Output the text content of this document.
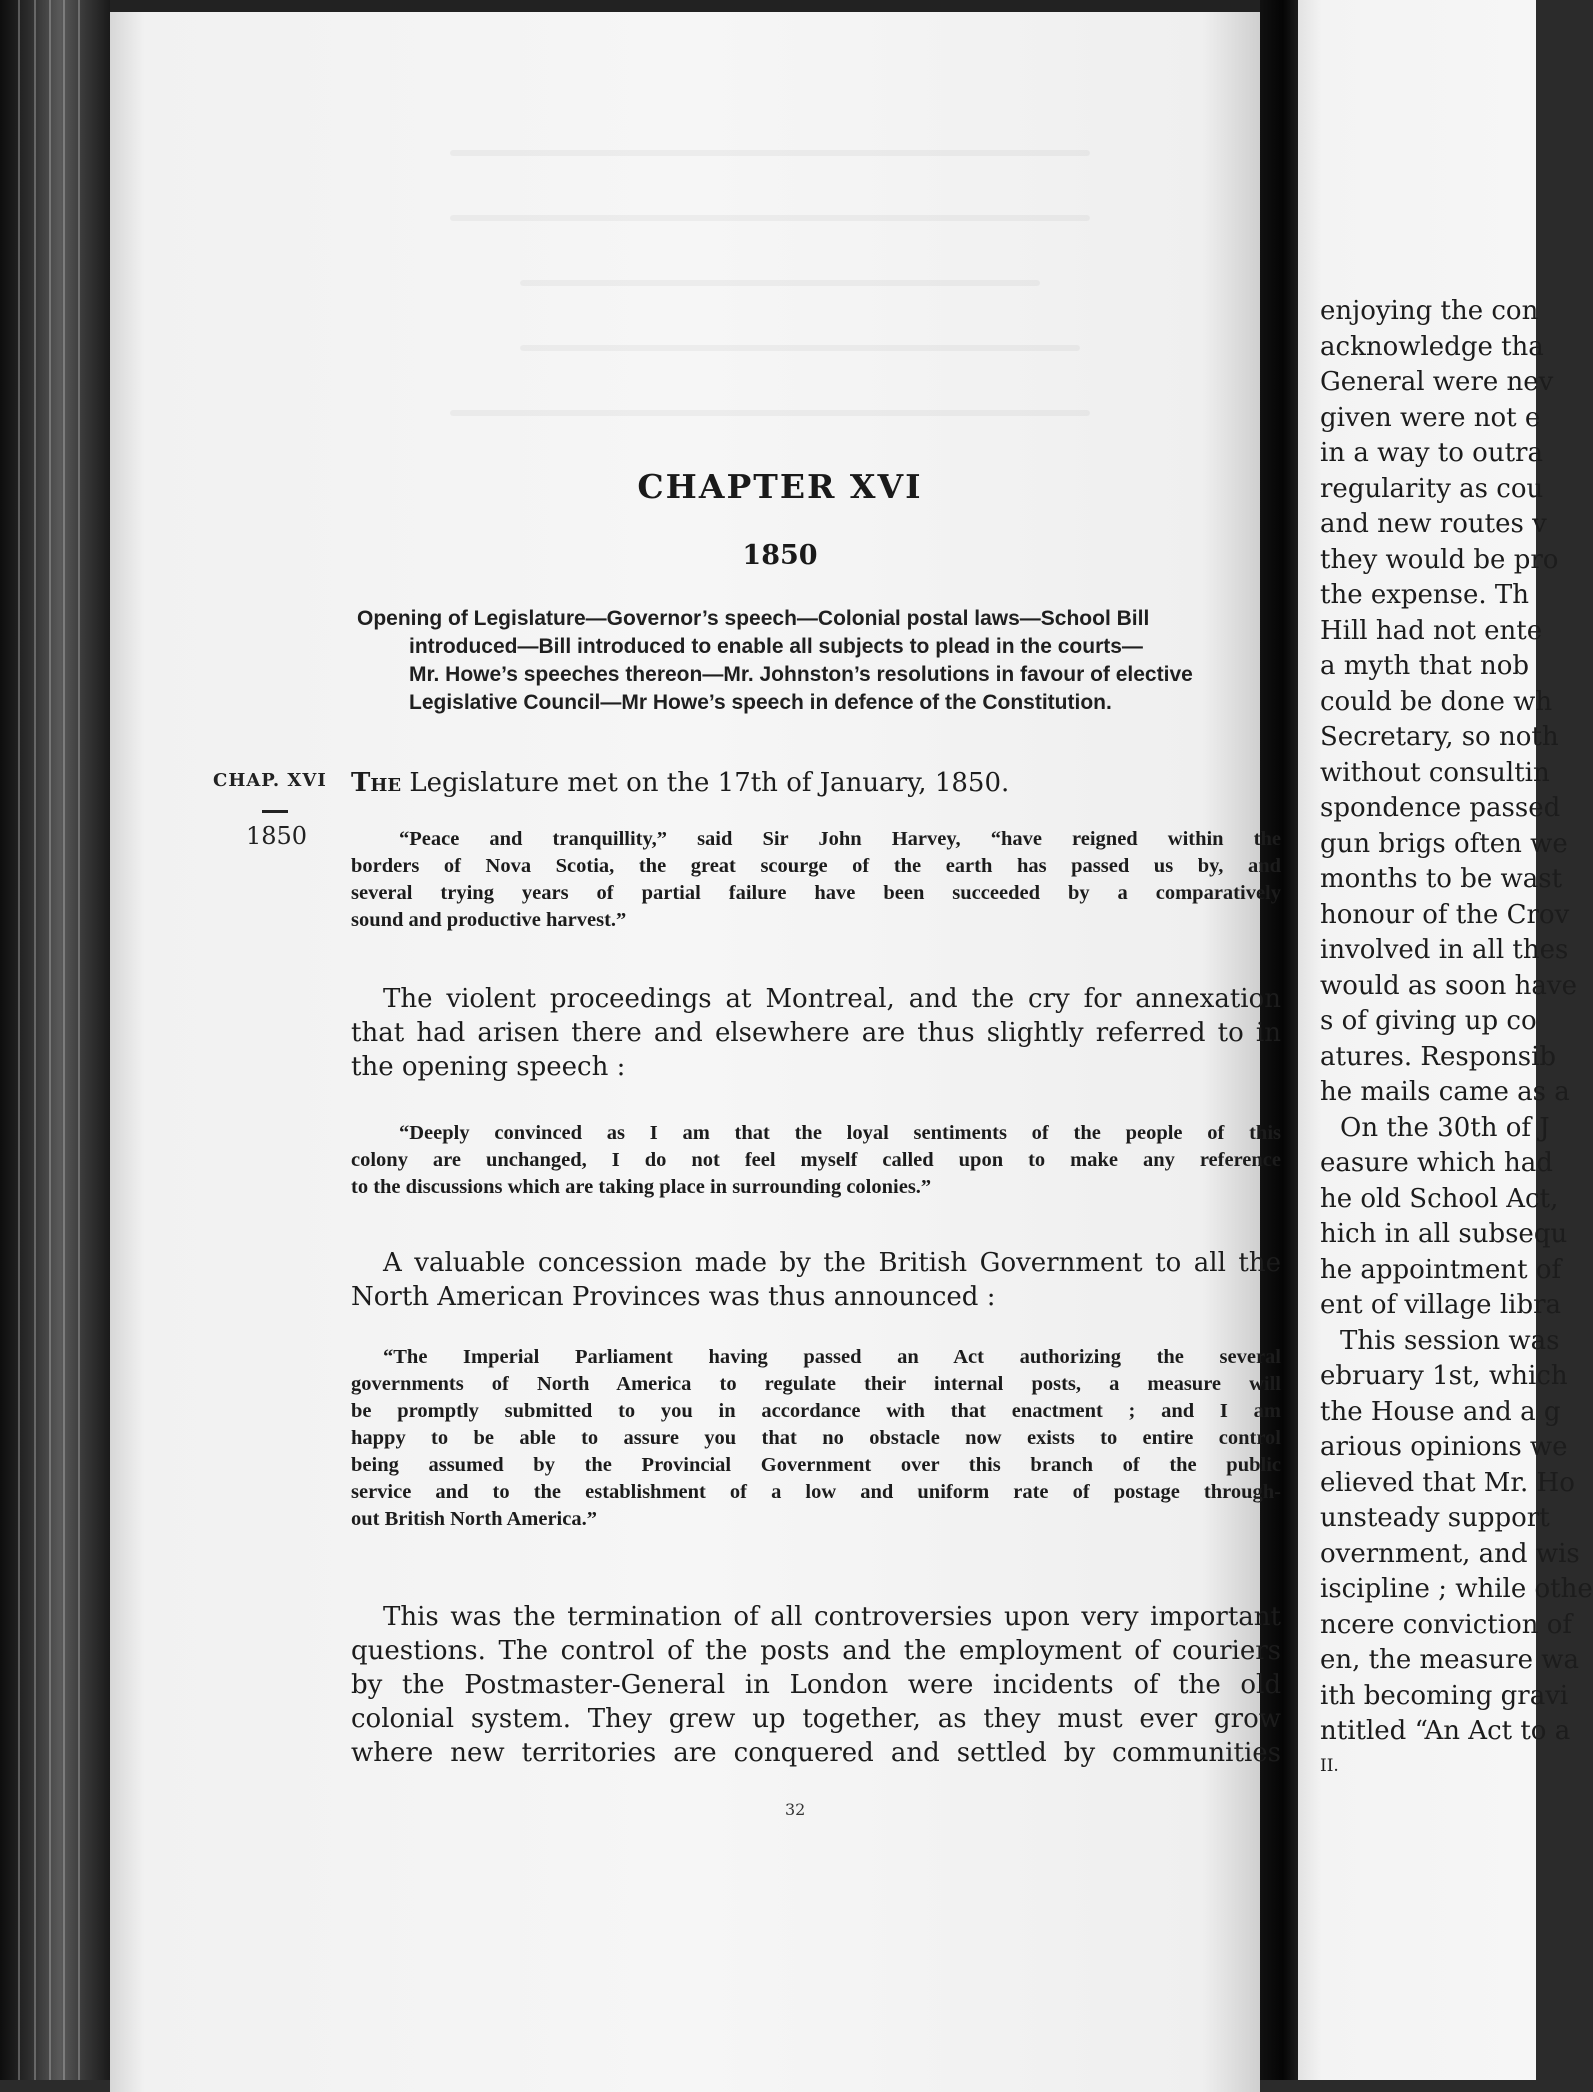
CHAPTER XVI
1850
Opening of Legislature—Governor’s speech—Colonial postal laws—School Bill
introduced—Bill introduced to enable all subjects to plead in the courts—
Mr. Howe’s speeches thereon—Mr. Johnston’s resolutions in favour of elective
Legislative Council—Mr Howe’s speech in defence of the Constitution.
CHAP. XVI
1850
The Legislature met on the 17th of January, 1850.
“Peace and tranquillity,” said Sir John Harvey, “have reigned within the
borders of Nova Scotia, the great scourge of the earth has passed us by, and
several trying years of partial failure have been succeeded by a comparatively
sound and productive harvest.”
The violent proceedings at Montreal, and the cry for annexation
that had arisen there and elsewhere are thus slightly referred to in
the opening speech :
“Deeply convinced as I am that the loyal sentiments of the people of this
colony are unchanged, I do not feel myself called upon to make any reference
to the discussions which are taking place in surrounding colonies.”
A valuable concession made by the British Government to all the
North American Provinces was thus announced :
“The Imperial Parliament having passed an Act authorizing the several
governments of North America to regulate their internal posts, a measure will
be promptly submitted to you in accordance with that enactment ; and I am
happy to be able to assure you that no obstacle now exists to entire control
being assumed by the Provincial Government over this branch of the public
service and to the establishment of a low and uniform rate of postage through-
out British North America.”
This was the termination of all controversies upon very important
questions. The control of the posts and the employment of couriers
by the Postmaster-General in London were incidents of the old
colonial system. They grew up together, as they must ever grow
where new territories are conquered and settled by communities
32
enjoying the con
acknowledge tha
General were nev
given were not e
in a way to outra
regularity as cou
and new routes v
they would be pro
the expense. Th
Hill had not ente
a myth that nob
could be done wh
Secretary, so noth
without consultin
spondence passed
gun brigs often we
months to be wast
honour of the Crov
involved in all thes
would as soon have
s of giving up co
atures. Responsib
he mails came as a
On the 30th of J
easure which had
he old School Act,
hich in all subsequ
he appointment of
ent of village libra
This session was
ebruary 1st, which
the House and a g
arious opinions we
elieved that Mr. Ho
unsteady support
overnment, and wis
iscipline ; while othe
ncere conviction of
en, the measure wa
ith becoming gravi
ntitled “An Act to a
II.
